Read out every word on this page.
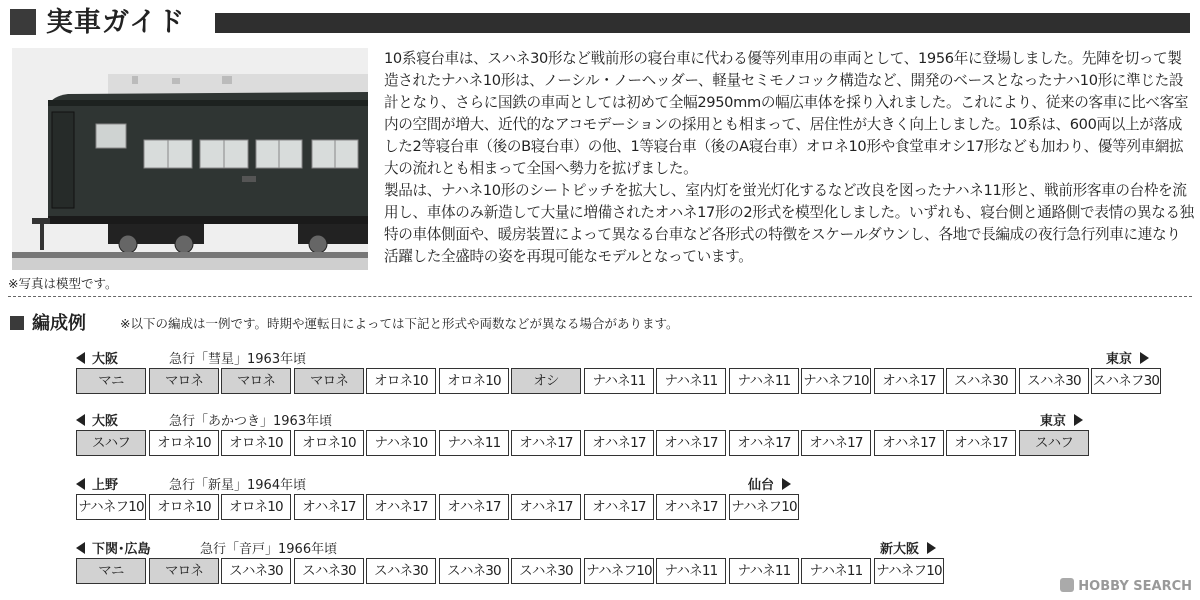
実車ガイド
※写真は模型です。

10系寝台車は、スハネ30形など戦前形の寝台車に代わる優等列車用の車両として、1956年に登場しました。先陣を切って製造されたナハネ10形は、ノーシル・ノーヘッダー、軽量セミモノコック構造など、開発のベースとなったナハ10形に準じた設計となり、さらに国鉄の車両としては初めて全幅2950mmの幅広車体を採り入れました。これにより、従来の客車に比べ客室内の空間が増大、近代的なアコモデーションの採用とも相まって、居住性が大きく向上しました。10系は、600両以上が落成した2等寝台車（後のB寝台車）の他、1等寝台車（後のA寝台車）オロネ10形や食堂車オシ17形なども加わり、優等列車網拡大の流れとも相まって全国へ勢力を拡げました。

製品は、ナハネ10形のシートピッチを拡大し、室内灯を蛍光灯化するなど改良を図ったナハネ11形と、戦前形客車の台枠を流用し、車体のみ新造して大量に増備されたオハネ17形の2形式を模型化しました。いずれも、寝台側と通路側で表情の異なる独特の車体側面や、暖房装置によって異なる台車など各形式の特徴をスケールダウンし、各地で長編成の夜行急行列車に連なり活躍した全盛時の姿を再現可能なモデルとなっています。

編成例	※以下の編成は一例です。時期や運転日によっては下記と形式や両数などが異なる場合があります。
大阪	急行「彗星」1963年頃	東京
マニ	マロネ	マロネ	マロネ	オロネ10	オロネ10	オシ	ナハネ11	ナハネ11	ナハネ11 ナハネフ10	オハネ17	スハネ30	スハネ30 スハネフ30
大阪	急行「あかつき」1963年頃	東京
スハフ	オロネ10	オロネ10	オロネ10	ナハネ10	ナハネ11	オハネ17	オハネ17	オハネ17	オハネ17	オハネ17	オハネ17	オハネ17	スハフ
上野	急行「新星」1964年頃	仙台
ナハネフ10 オロネ10	オロネ10	オハネ17	オハネ17	オハネ17	オハネ17	オハネ17	オハネ17	ナハネフ10
下関･広島	急行「音戸」1966年頃	新大阪
マニ	マロネ	スハネ30	スハネ30	スハネ30	スハネ30	スハネ30 ナハネフ10 ナハネ11	ナハネ11	ナハネ11	ナハネフ10
HOBBY SEARCH
